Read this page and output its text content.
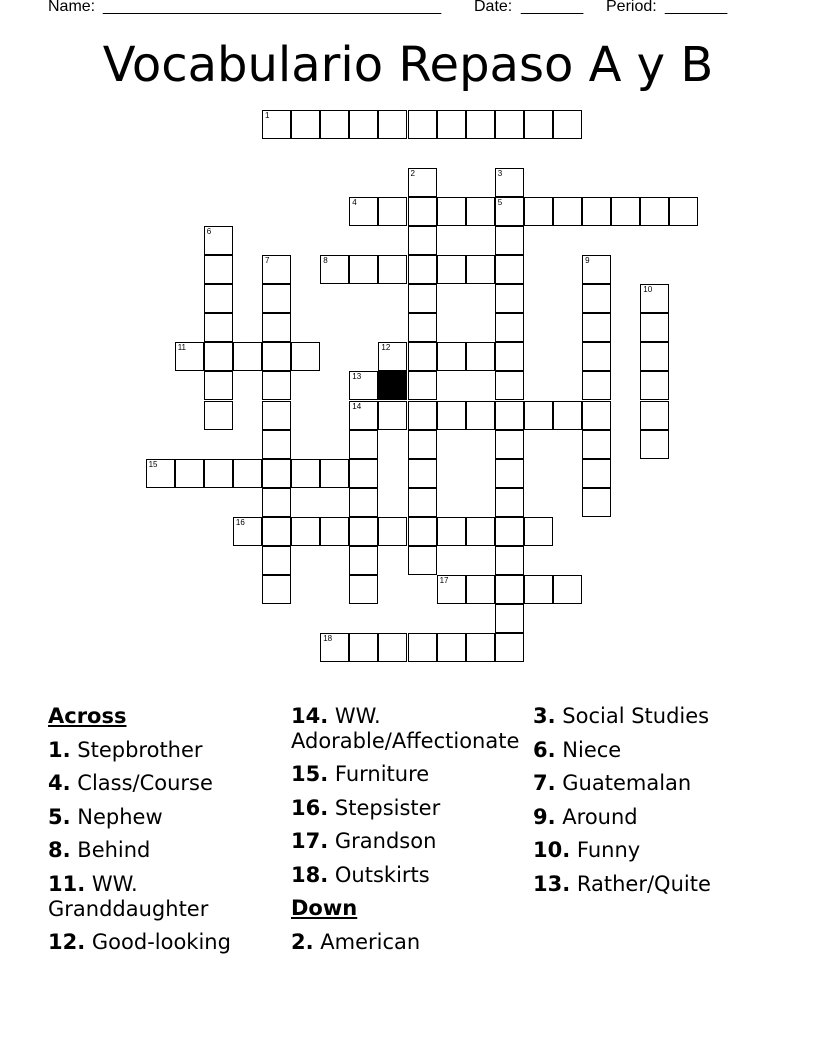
Name: ______________________________________ Date: _______ Period: _______
Vocabulario Repaso A y B
1
2	3
5
4
6
7	8	9
10
11	12
13
14
15
16
17
18

Across

1. Stepbrother

4. Class/Course

5. Nephew

8. Behind

11. WW. Granddaughter

12. Good-looking

14. WW. Adorable/Affectionate

15. Furniture

16. Stepsister

17. Grandson

18. Outskirts

Down

2. American

3. Social Studies

6. Niece

7. Guatemalan

9. Around

10. Funny

13. Rather/Quite
